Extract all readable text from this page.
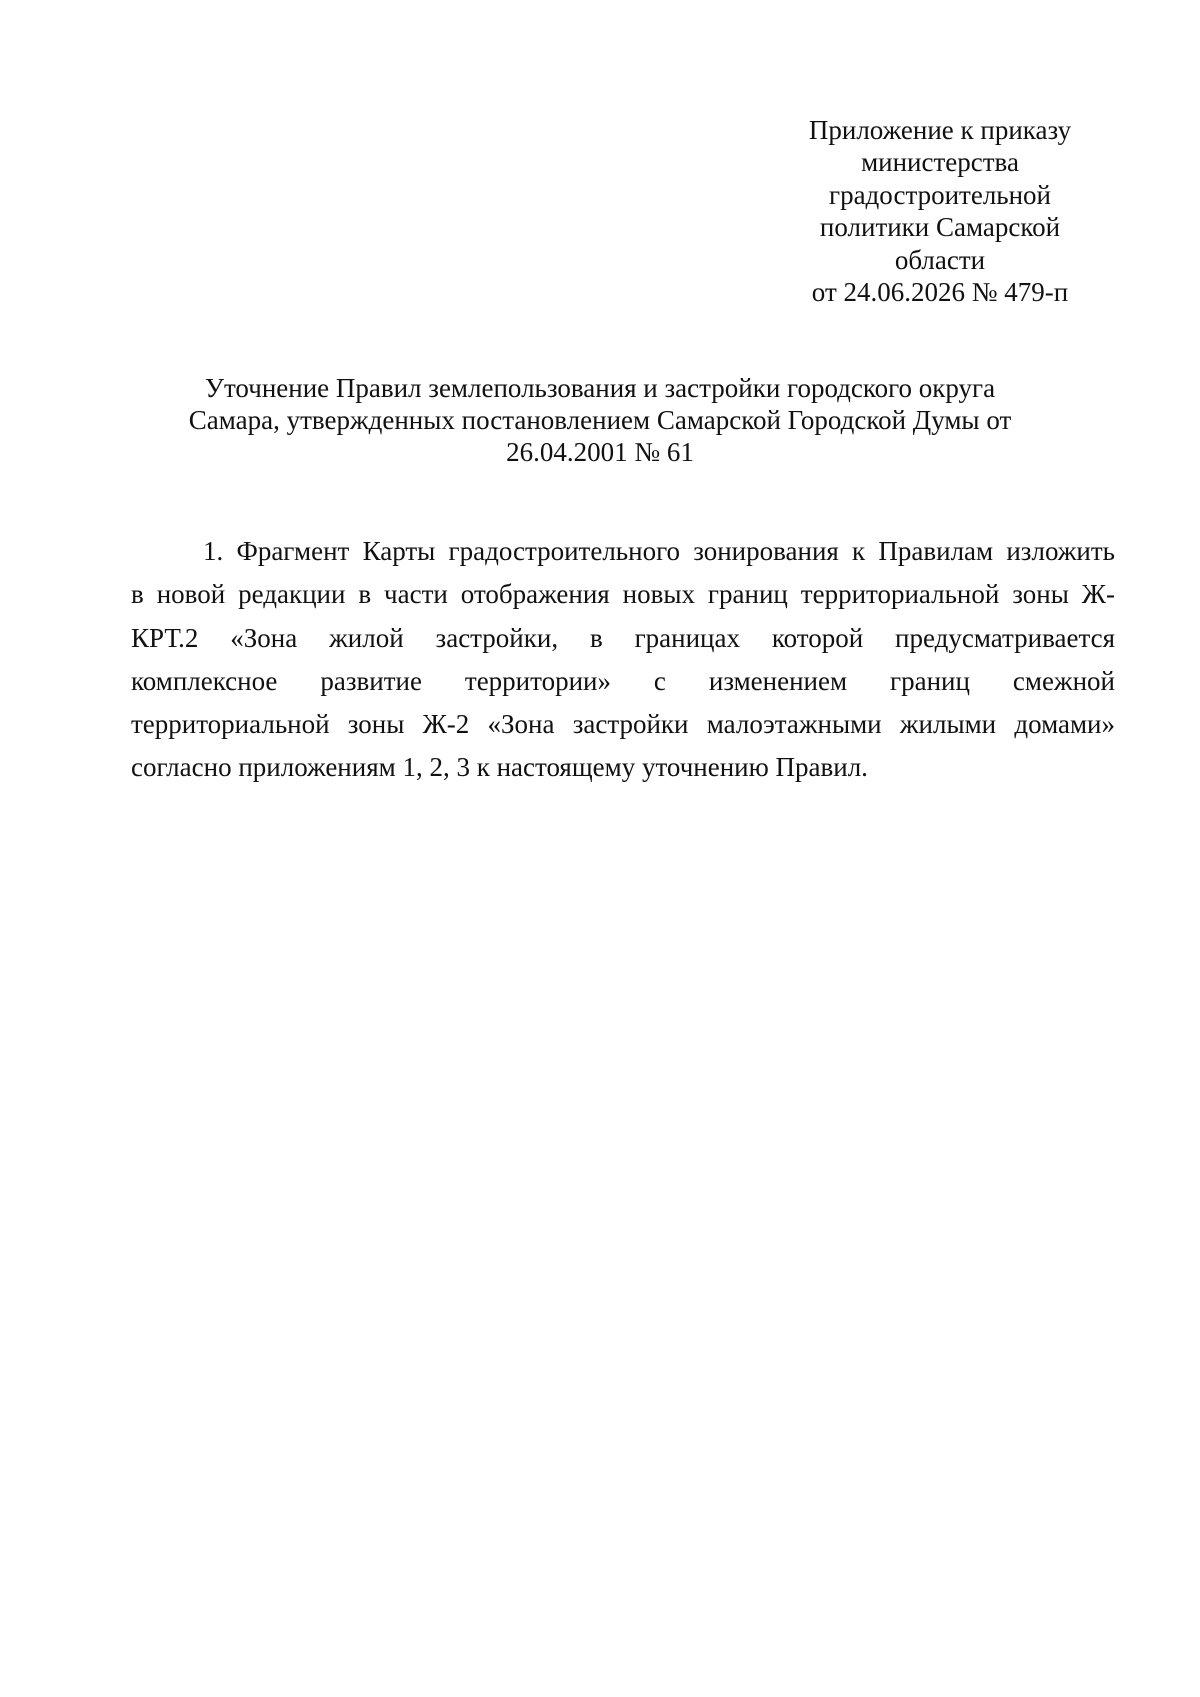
Приложение к приказу
министерства
градостроительной
политики Самарской
области
от 24.06.2026 № 479-п
Уточнение Правил землепользования и застройки городского округа
Самара, утвержденных постановлением Самарской Городской Думы от
26.04.2001 № 61
1. Фрагмент Карты градостроительного зонирования к Правилам изложить
в новой редакции в части отображения новых границ территориальной зоны Ж-
КРТ.2 «Зона жилой застройки, в границах которой предусматривается
комплексное развитие территории» с изменением границ смежной
территориальной зоны Ж-2 «Зона застройки малоэтажными жилыми домами»
согласно приложениям 1, 2, 3 к настоящему уточнению Правил.
